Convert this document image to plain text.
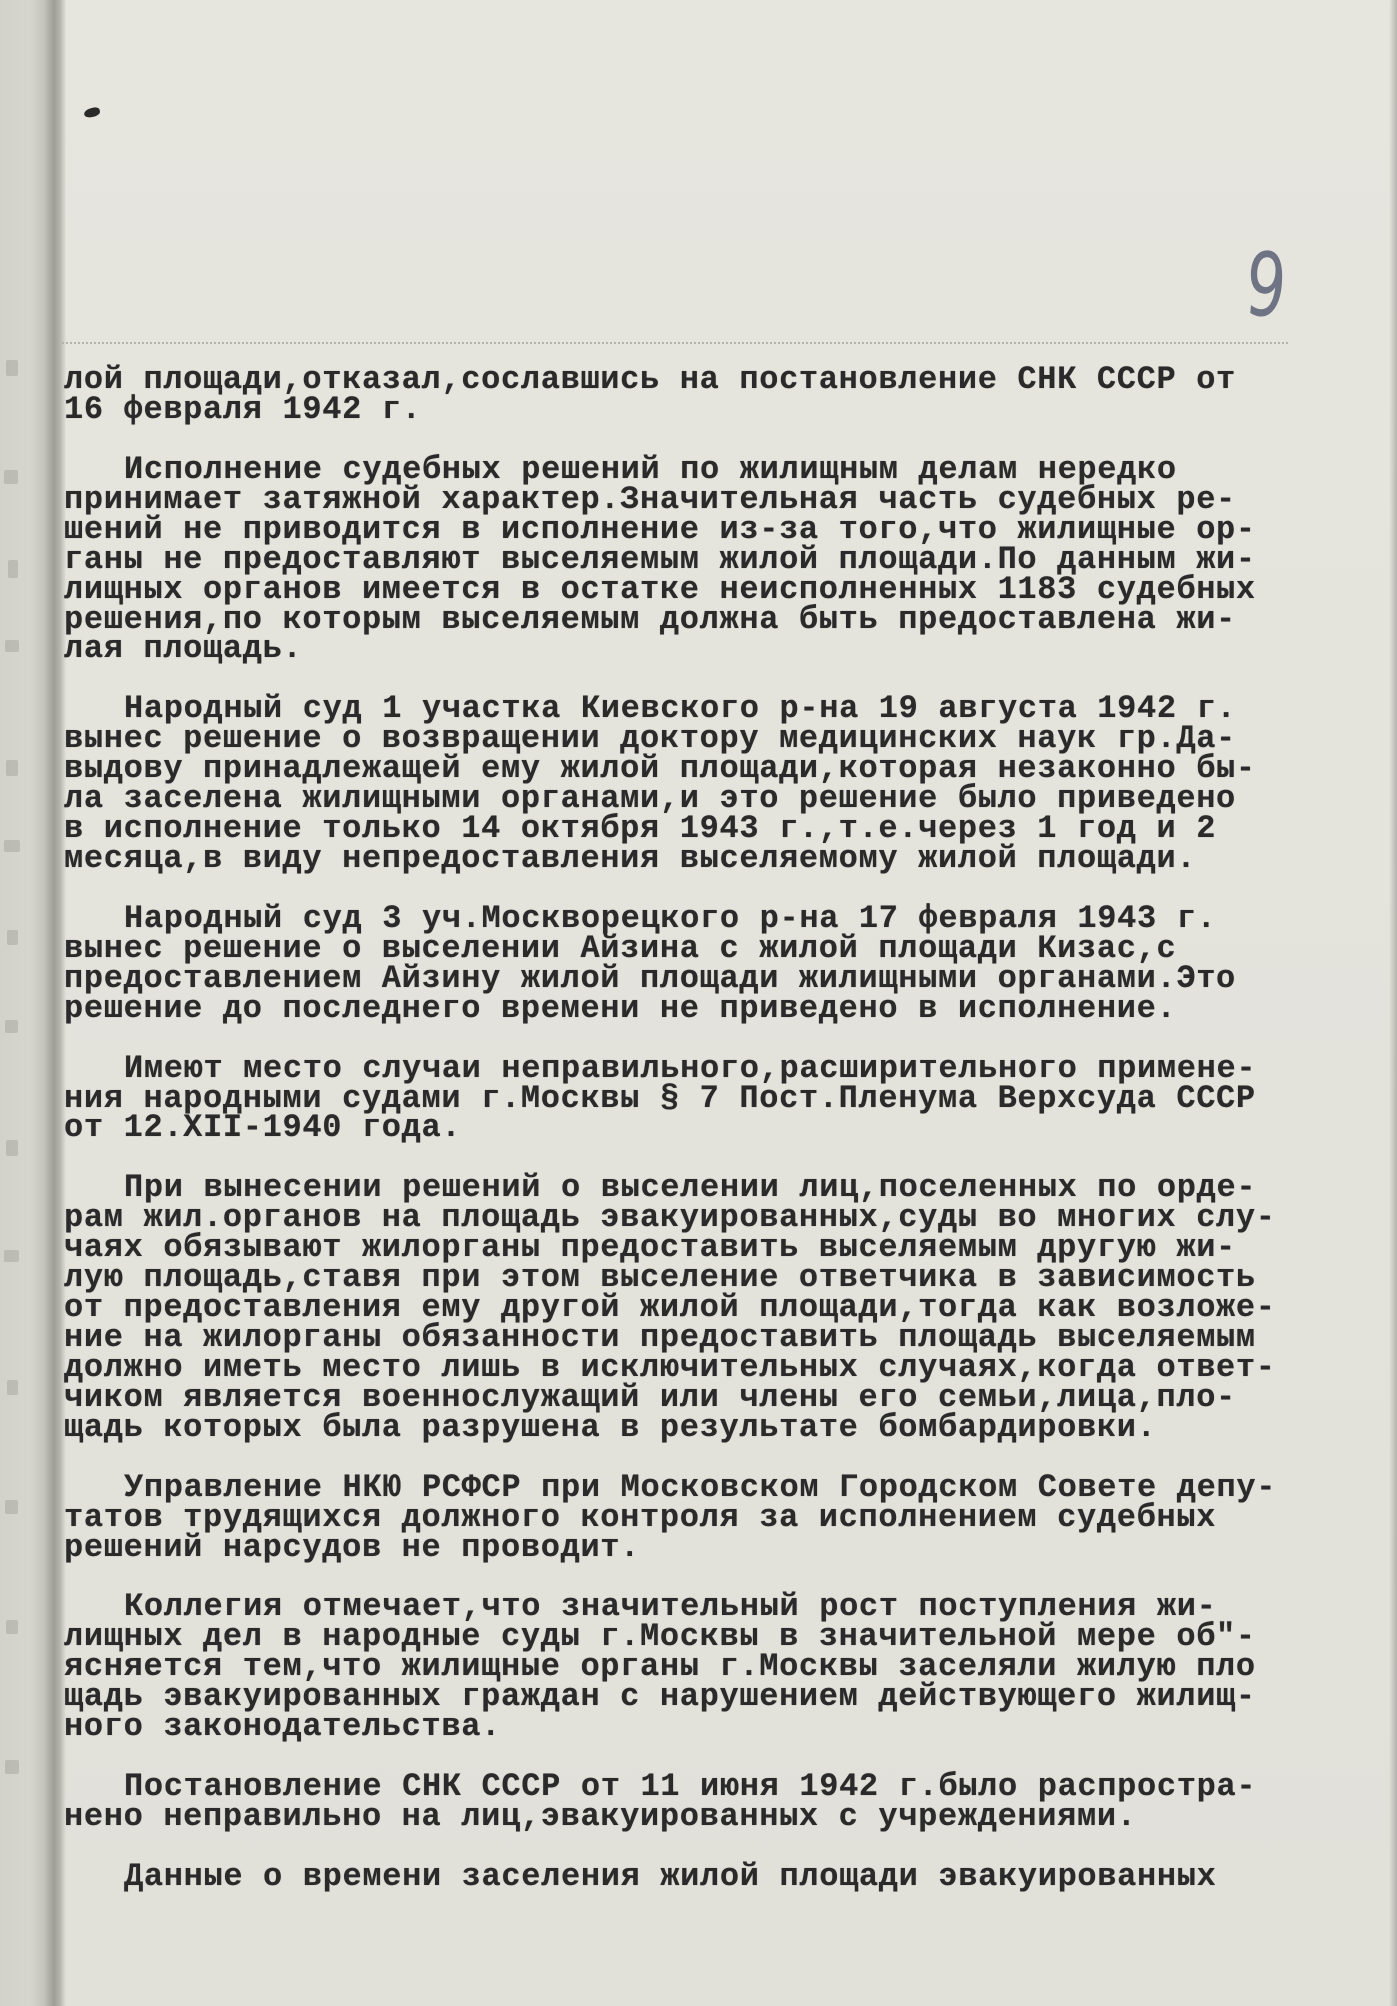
9
лой площади,отказал,сославшись на постановление СНК СССР от
16 февраля 1942 г.
Исполнение судебных решений по жилищным делам нередко
принимает затяжной характер.Значительная часть судебных ре-
шений не приводится в исполнение из-за того,что жилищные ор-
ганы не предоставляют выселяемым жилой площади.По данным жи-
лищных органов имеется в остатке неисполненных 1183 судебных
решения,по которым выселяемым должна быть предоставлена жи-
лая площадь.
Народный суд 1 участка Киевского р-на 19 августа 1942 г.
вынес решение о возвращении доктору медицинских наук гр.Да-
выдову принадлежащей ему жилой площади,которая незаконно бы-
ла заселена жилищными органами,и это решение было приведено
в исполнение только 14 октября 1943 г.,т.е.через 1 год и 2
месяца,в виду непредоставления выселяемому жилой площади.
Народный суд 3 уч.Москворецкого р-на 17 февраля 1943 г.
вынес решение о выселении Айзина с жилой площади Кизас,с
предоставлением Айзину жилой площади жилищными органами.Это
решение до последнего времени не приведено в исполнение.
Имеют место случаи неправильного,расширительного примене-
ния народными судами г.Москвы § 7 Пост.Пленума Верхсуда СССР
от 12.XII-1940 года.
При вынесении решений о выселении лиц,поселенных по орде-
рам жил.органов на площадь эвакуированных,суды во многих слу-
чаях обязывают жилорганы предоставить выселяемым другую жи-
лую площадь,ставя при этом выселение ответчика в зависимость
от предоставления ему другой жилой площади,тогда как возложе-
ние на жилорганы обязанности предоставить площадь выселяемым
должно иметь место лишь в исключительных случаях,когда ответ-
чиком является военнослужащий или члены его семьи,лица,пло-
щадь которых была разрушена в результате бомбардировки.
Управление НКЮ РСФСР при Московском Городском Совете депу-
татов трудящихся должного контроля за исполнением судебных
решений нарсудов не проводит.
Коллегия отмечает,что значительный рост поступления жи-
лищных дел в народные суды г.Москвы в значительной мере об"-
ясняется тем,что жилищные органы г.Москвы заселяли жилую пло
щадь эвакуированных граждан с нарушением действующего жилищ-
ного законодательства.
Постановление СНК СССР от 11 июня 1942 г.было распростра-
нено неправильно на лиц,эвакуированных с учреждениями.
Данные о времени заселения жилой площади эвакуированных
